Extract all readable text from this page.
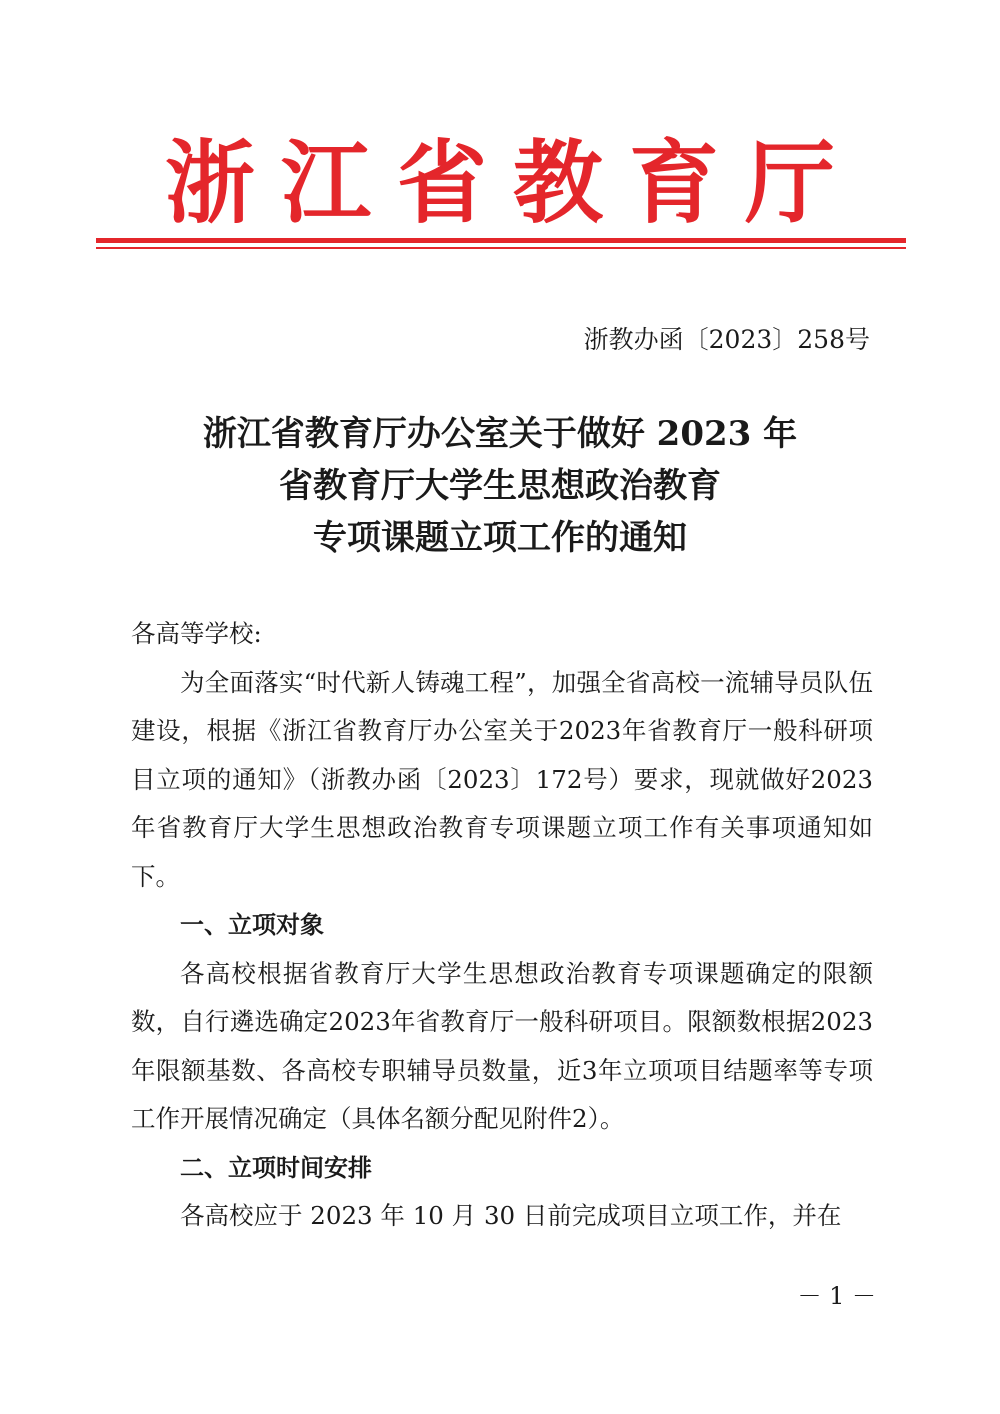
浙江省教育厅
浙教办函〔2023〕258号
浙江省教育厅办公室关于做好 2023 年
省教育厅大学生思想政治教育
专项课题立项工作的通知

各高等学校:

为全面落实“时代新人铸魂工程”，加强全省高校一流辅导员队伍建设，根据《浙江省教育厅办公室关于2023年省教育厅一般科研项目立项的通知》（浙教办函〔2023〕172号）要求，现就做好2023年省教育厅大学生思想政治教育专项课题立项工作有关事项通知如下。

一、立项对象

各高校根据省教育厅大学生思想政治教育专项课题确定的限额数，自行遴选确定2023年省教育厅一般科研项目。限额数根据2023年限额基数、各高校专职辅导员数量，近3年立项项目结题率等专项工作开展情况确定（具体名额分配见附件2）。

二、立项时间安排

各高校应于 2023 年 10 月 30 日前完成项目立项工作，并在

－ 1 －
